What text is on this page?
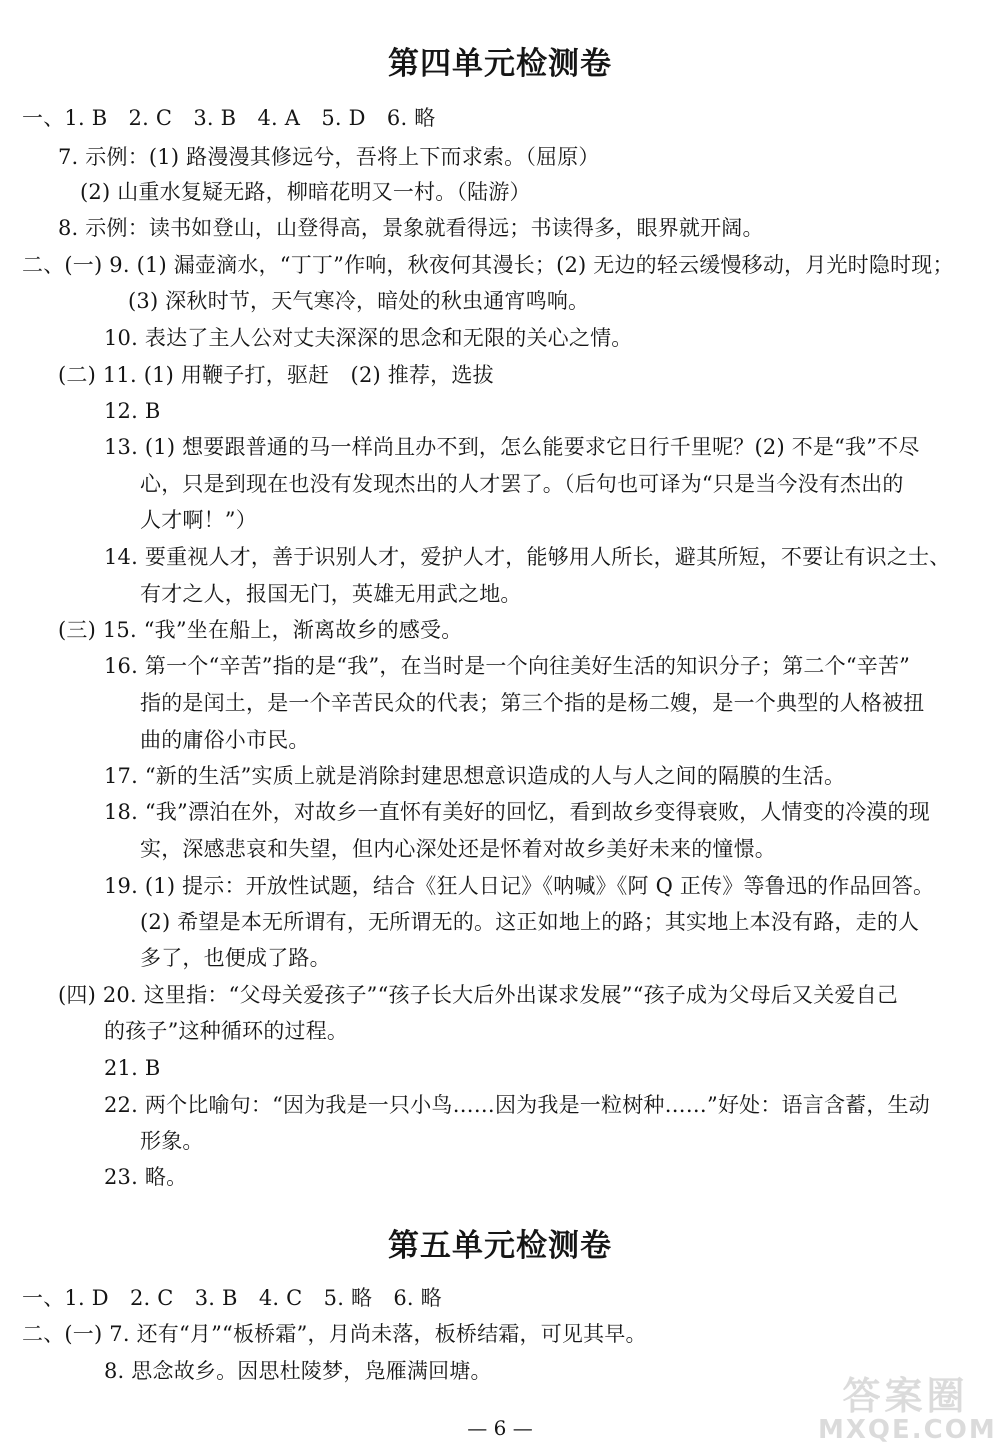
第四单元检测卷
一、1. B　2. C　3. B　4. A　5. D　6. 略
7. 示例：(1) 路漫漫其修远兮，吾将上下而求索。（屈原）
(2) 山重水复疑无路，柳暗花明又一村。（陆游）
8. 示例：读书如登山，山登得高，景象就看得远；书读得多，眼界就开阔。
二、(一) 9. (1) 漏壶滴水，“丁丁”作响，秋夜何其漫长；(2) 无边的轻云缓慢移动，月光时隐时现；
(3) 深秋时节，天气寒冷，暗处的秋虫通宵鸣响。
10. 表达了主人公对丈夫深深的思念和无限的关心之情。
(二) 11. (1) 用鞭子打，驱赶　(2) 推荐，选拔
12. B
13. (1) 想要跟普通的马一样尚且办不到，怎么能要求它日行千里呢？(2) 不是“我”不尽
心，只是到现在也没有发现杰出的人才罢了。（后句也可译为“只是当今没有杰出的
人才啊！”）
14. 要重视人才，善于识别人才，爱护人才，能够用人所长，避其所短，不要让有识之士、
有才之人，报国无门，英雄无用武之地。
(三) 15. “我”坐在船上，渐离故乡的感受。
16. 第一个“辛苦”指的是“我”，在当时是一个向往美好生活的知识分子；第二个“辛苦”
指的是闰土，是一个辛苦民众的代表；第三个指的是杨二嫂，是一个典型的人格被扭
曲的庸俗小市民。
17. “新的生活”实质上就是消除封建思想意识造成的人与人之间的隔膜的生活。
18. “我”漂泊在外，对故乡一直怀有美好的回忆，看到故乡变得衰败，人情变的冷漠的现
实，深感悲哀和失望，但内心深处还是怀着对故乡美好未来的憧憬。
19. (1) 提示：开放性试题，结合《狂人日记》《呐喊》《阿 Q 正传》等鲁迅的作品回答。
(2) 希望是本无所谓有，无所谓无的。这正如地上的路；其实地上本没有路，走的人
多了，也便成了路。
(四) 20. 这里指：“父母关爱孩子”“孩子长大后外出谋求发展”“孩子成为父母后又关爱自己
的孩子”这种循环的过程。
21. B
22. 两个比喻句：“因为我是一只小鸟……因为我是一粒树种……”好处：语言含蓄，生动
形象。
23. 略。
第五单元检测卷
一、1. D　2. C　3. B　4. C　5. 略　6. 略
二、(一) 7. 还有“月”“板桥霜”，月尚未落，板桥结霜，可见其早。
8. 思念故乡。因思杜陵梦，凫雁满回塘。
— 6 —
答案圈
MXQE.COM
